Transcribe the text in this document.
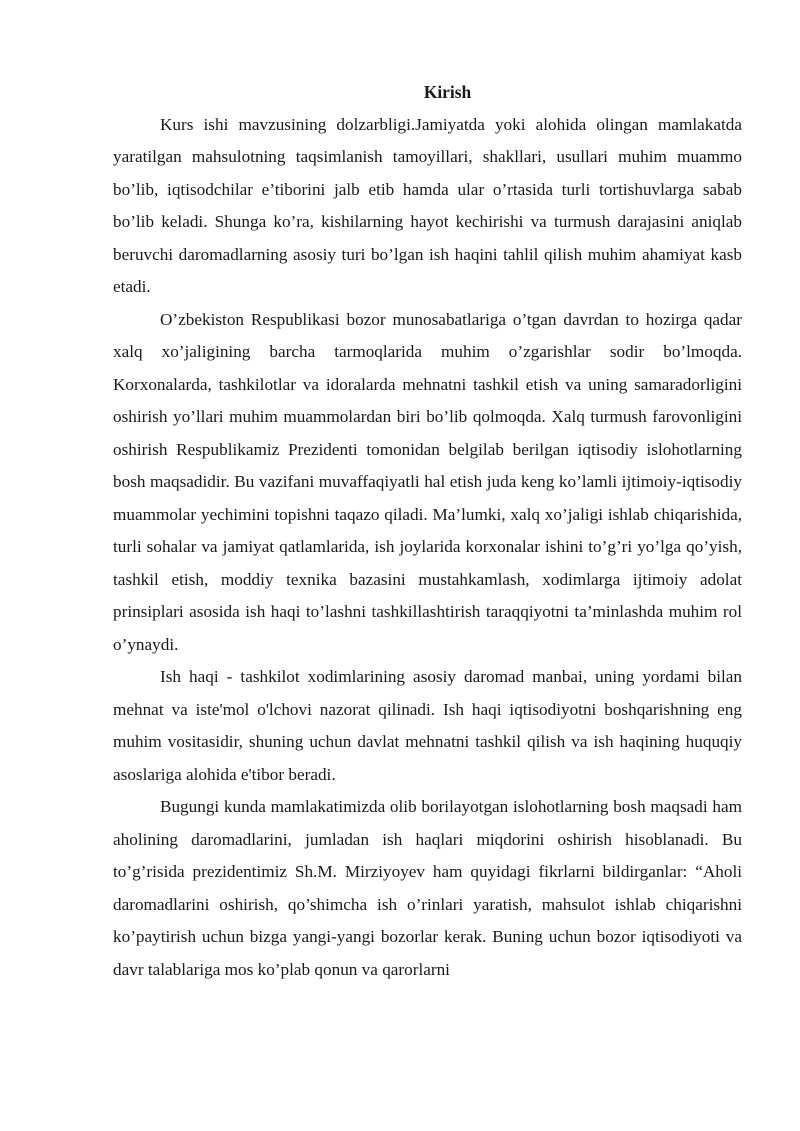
Kirish

Kurs ishi mavzusining dolzarbligi.Jamiyatda yoki alohida olingan mamlakatda yaratilgan mahsulotning taqsimlanish tamoyillari, shakllari, usullari muhim muammo bo’lib, iqtisodchilar e’tiborini jalb etib hamda ular o’rtasida turli tortishuvlarga sabab bo’lib keladi. Shunga ko’ra, kishilarning hayot kechirishi va turmush darajasini aniqlab beruvchi daromadlarning asosiy turi bo’lgan ish haqini tahlil qilish muhim ahamiyat kasb etadi.

O’zbekiston Respublikasi bozor munosabatlariga o’tgan davrdan to hozirga qadar xalq xo’jaligining barcha tarmoqlarida muhim o’zgarishlar sodir bo’lmoqda. Korxonalarda, tashkilotlar va idoralarda mehnatni tashkil etish va uning samaradorligini oshirish yo’llari muhim muammolardan biri bo’lib qolmoqda. Xalq turmush farovonligini oshirish Respublikamiz Prezidenti tomonidan belgilab berilgan iqtisodiy islohotlarning bosh maqsadidir. Bu vazifani muvaffaqiyatli hal etish juda keng ko’lamli ijtimoiy-iqtisodiy muammolar yechimini topishni taqazo qiladi. Ma’lumki, xalq xo’jaligi ishlab chiqarishida, turli sohalar va jamiyat qatlamlarida, ish joylarida korxonalar ishini to’g’ri yo’lga qo’yish, tashkil etish, moddiy texnika bazasini mustahkamlash, xodimlarga ijtimoiy adolat prinsiplari asosida ish haqi to’lashni tashkillashtirish taraqqiyotni ta’minlashda muhim rol o’ynaydi.

Ish haqi - tashkilot xodimlarining asosiy daromad manbai, uning yordami bilan mehnat va iste'mol o'lchovi nazorat qilinadi. Ish haqi iqtisodiyotni boshqarishning eng muhim vositasidir, shuning uchun davlat mehnatni tashkil qilish va ish haqining huquqiy asoslariga alohida e'tibor beradi.

Bugungi kunda mamlakatimizda olib borilayotgan islohotlarning bosh maqsadi ham aholining daromadlarini, jumladan ish haqlari miqdorini oshirish hisoblanadi. Bu to’g’risida prezidentimiz Sh.M. Mirziyoyev ham quyidagi fikrlarni bildirganlar: “Aholi daromadlarini oshirish, qo’shimcha ish o’rinlari yaratish, mahsulot ishlab chiqarishni ko’paytirish uchun bizga yangi-yangi bozorlar kerak. Buning uchun bozor iqtisodiyoti va davr talablariga mos ko’plab qonun va qarorlarni
